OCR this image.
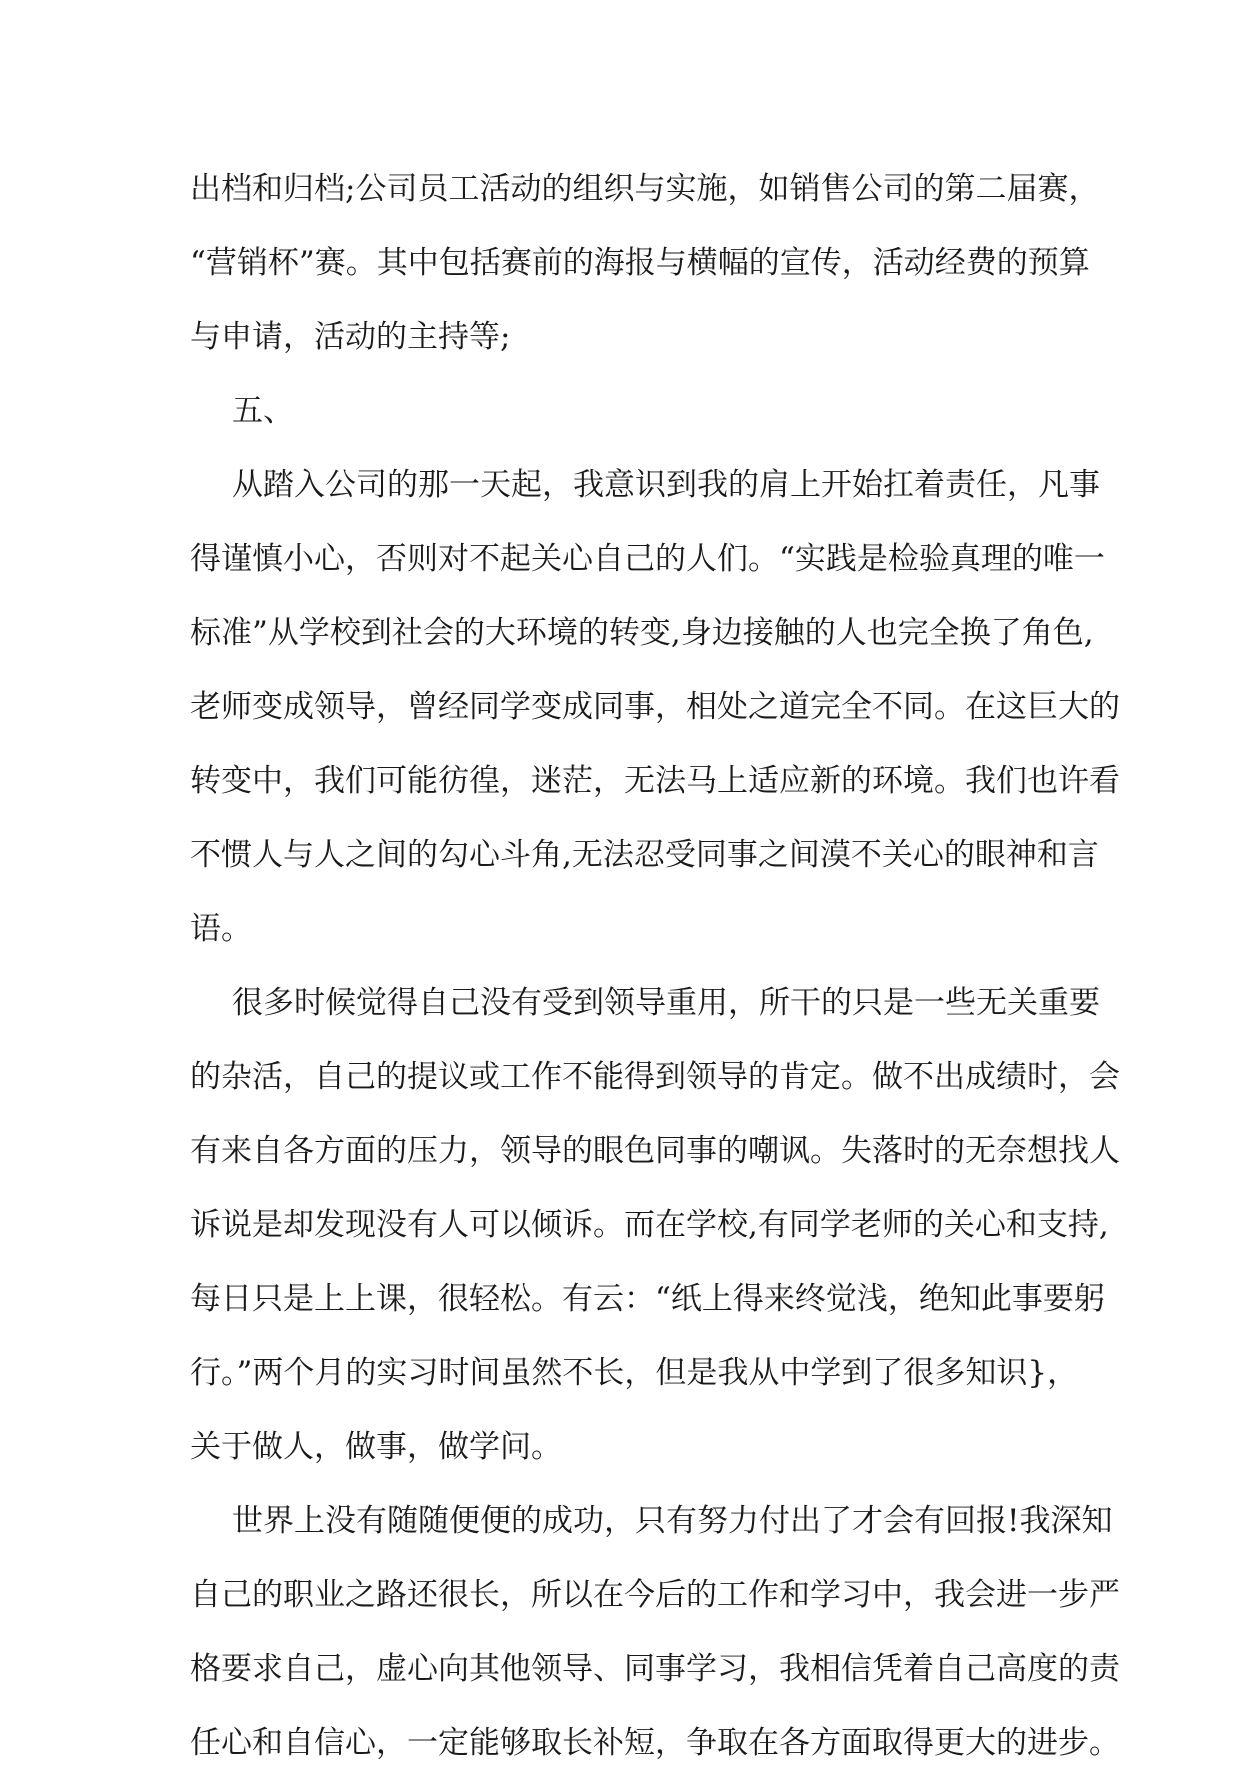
出档和归档;公司员工活动的组织与实施，如销售公司的第二届赛，
“营销杯”赛。其中包括赛前的海报与横幅的宣传，活动经费的预算
与申请，活动的主持等;
五、
从踏入公司的那一天起，我意识到我的肩上开始扛着责任，凡事
得谨慎小心，否则对不起关心自己的人们。“实践是检验真理的唯一
标准”从学校到社会的大环境的转变,身边接触的人也完全换了角色,
老师变成领导，曾经同学变成同事，相处之道完全不同。在这巨大的
转变中，我们可能彷徨，迷茫，无法马上适应新的环境。我们也许看
不惯人与人之间的勾心斗角,无法忍受同事之间漠不关心的眼神和言
语。
很多时候觉得自己没有受到领导重用，所干的只是一些无关重要
的杂活，自己的提议或工作不能得到领导的肯定。做不出成绩时，会
有来自各方面的压力，领导的眼色同事的嘲讽。失落时的无奈想找人
诉说是却发现没有人可以倾诉。而在学校,有同学老师的关心和支持,
每日只是上上课，很轻松。有云：“纸上得来终觉浅，绝知此事要躬
行。”两个月的实习时间虽然不长，但是我从中学到了很多知识}，
关于做人，做事，做学问。
世界上没有随随便便的成功，只有努力付出了才会有回报!我深知
自己的职业之路还很长，所以在今后的工作和学习中，我会进一步严
格要求自己，虚心向其他领导、同事学习，我相信凭着自己高度的责
任心和自信心，一定能够取长补短，争取在各方面取得更大的进步。
